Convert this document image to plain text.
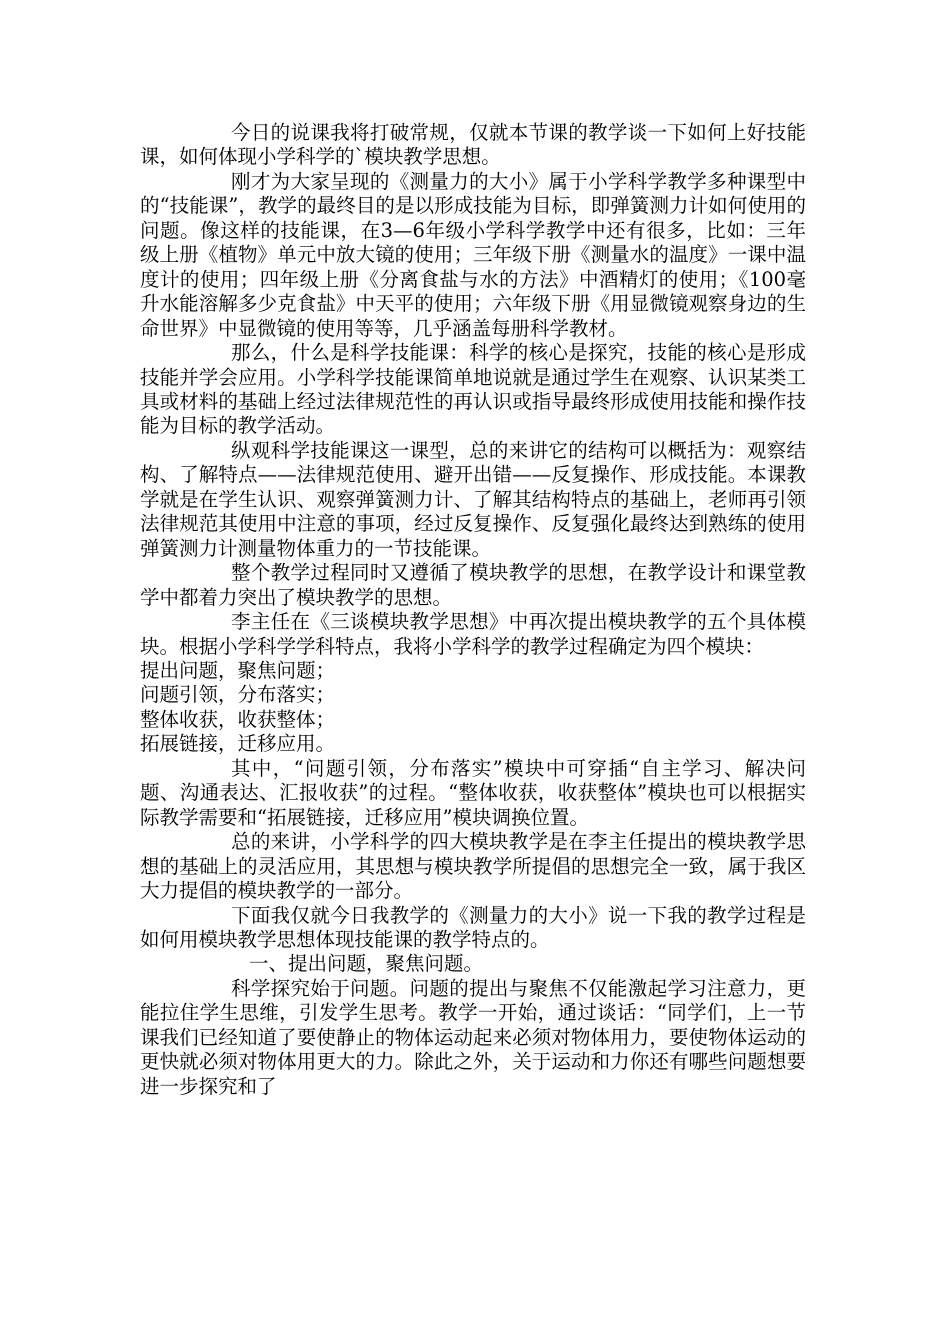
今日的说课我将打破常规，仅就本节课的教学谈一下如何上好技能课，如何体现小学科学的`模块教学思想。

刚才为大家呈现的《测量力的大小》属于小学科学教学多种课型中的“技能课”，教学的最终目的是以形成技能为目标，即弹簧测力计如何使用的问题。像这样的技能课，在3—6年级小学科学教学中还有很多，比如：三年级上册《植物》单元中放大镜的使用；三年级下册《测量水的温度》一课中温度计的使用；四年级上册《分离食盐与水的方法》中酒精灯的使用；《100毫升水能溶解多少克食盐》中天平的使用；六年级下册《用显微镜观察身边的生命世界》中显微镜的使用等等，几乎涵盖每册科学教材。

那么，什么是科学技能课：科学的核心是探究，技能的核心是形成技能并学会应用。小学科学技能课简单地说就是通过学生在观察、认识某类工具或材料的基础上经过法律规范性的再认识或指导最终形成使用技能和操作技能为目标的教学活动。

纵观科学技能课这一课型，总的来讲它的结构可以概括为：观察结构、了解特点——法律规范使用、避开出错——反复操作、形成技能。本课教学就是在学生认识、观察弹簧测力计、了解其结构特点的基础上，老师再引领法律规范其使用中注意的事项，经过反复操作、反复强化最终达到熟练的使用弹簧测力计测量物体重力的一节技能课。

整个教学过程同时又遵循了模块教学的思想，在教学设计和课堂教学中都着力突出了模块教学的思想。

李主任在《三谈模块教学思想》中再次提出模块教学的五个具体模块。根据小学科学学科特点，我将小学科学的教学过程确定为四个模块：

提出问题，聚焦问题；

问题引领，分布落实；

整体收获，收获整体；

拓展链接，迁移应用。

其中，“问题引领，分布落实”模块中可穿插“自主学习、解决问题、沟通表达、汇报收获”的过程。“整体收获，收获整体”模块也可以根据实际教学需要和“拓展链接，迁移应用”模块调换位置。

总的来讲，小学科学的四大模块教学是在李主任提出的模块教学思想的基础上的灵活应用，其思想与模块教学所提倡的思想完全一致，属于我区大力提倡的模块教学的一部分。

下面我仅就今日我教学的《测量力的大小》说一下我的教学过程是如何用模块教学思想体现技能课的教学特点的。

一、提出问题，聚焦问题。

科学探究始于问题。问题的提出与聚焦不仅能激起学习注意力，更能拉住学生思维，引发学生思考。教学一开始，通过谈话：“同学们，上一节课我们已经知道了要使静止的物体运动起来必须对物体用力，要使物体运动的更快就必须对物体用更大的力。除此之外，关于运动和力你还有哪些问题想要进一步探究和了
